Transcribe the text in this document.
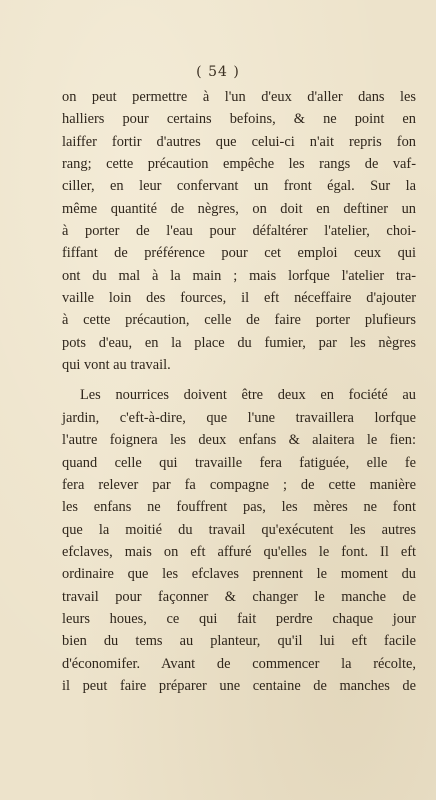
( 54 )
on peut permettre à l'un d'eux d'aller dans les
halliers pour certains befoins, & ne point en
laiffer fortir d'autres que celui-ci n'ait repris fon
rang; cette précaution empêche les rangs de vaf-
ciller, en leur confervant un front égal. Sur la
même quantité de nègres, on doit en deftiner un
à porter de l'eau pour défaltérer l'atelier, choi-
fiffant de préférence pour cet emploi ceux qui
ont du mal à la main ; mais lorfque l'atelier tra-
vaille loin des fources, il eft néceffaire d'ajouter
à cette précaution, celle de faire porter plufieurs
pots d'eau, en la place du fumier, par les nègres
qui vont au travail.
Les nourrices doivent être deux en fociété au
jardin, c'eft-à-dire, que l'une travaillera lorfque
l'autre foignera les deux enfans & alaitera le fien:
quand celle qui travaille fera fatiguée, elle fe
fera relever par fa compagne ; de cette manière
les enfans ne fouffrent pas, les mères ne font
que la moitié du travail qu'exécutent les autres
efclaves, mais on eft affuré qu'elles le font. Il eft
ordinaire que les efclaves prennent le moment du
travail pour façonner & changer le manche de
leurs houes, ce qui fait perdre chaque jour
bien du tems au planteur, qu'il lui eft facile
d'économifer. Avant de commencer la récolte,
il peut faire préparer une centaine de manches de
